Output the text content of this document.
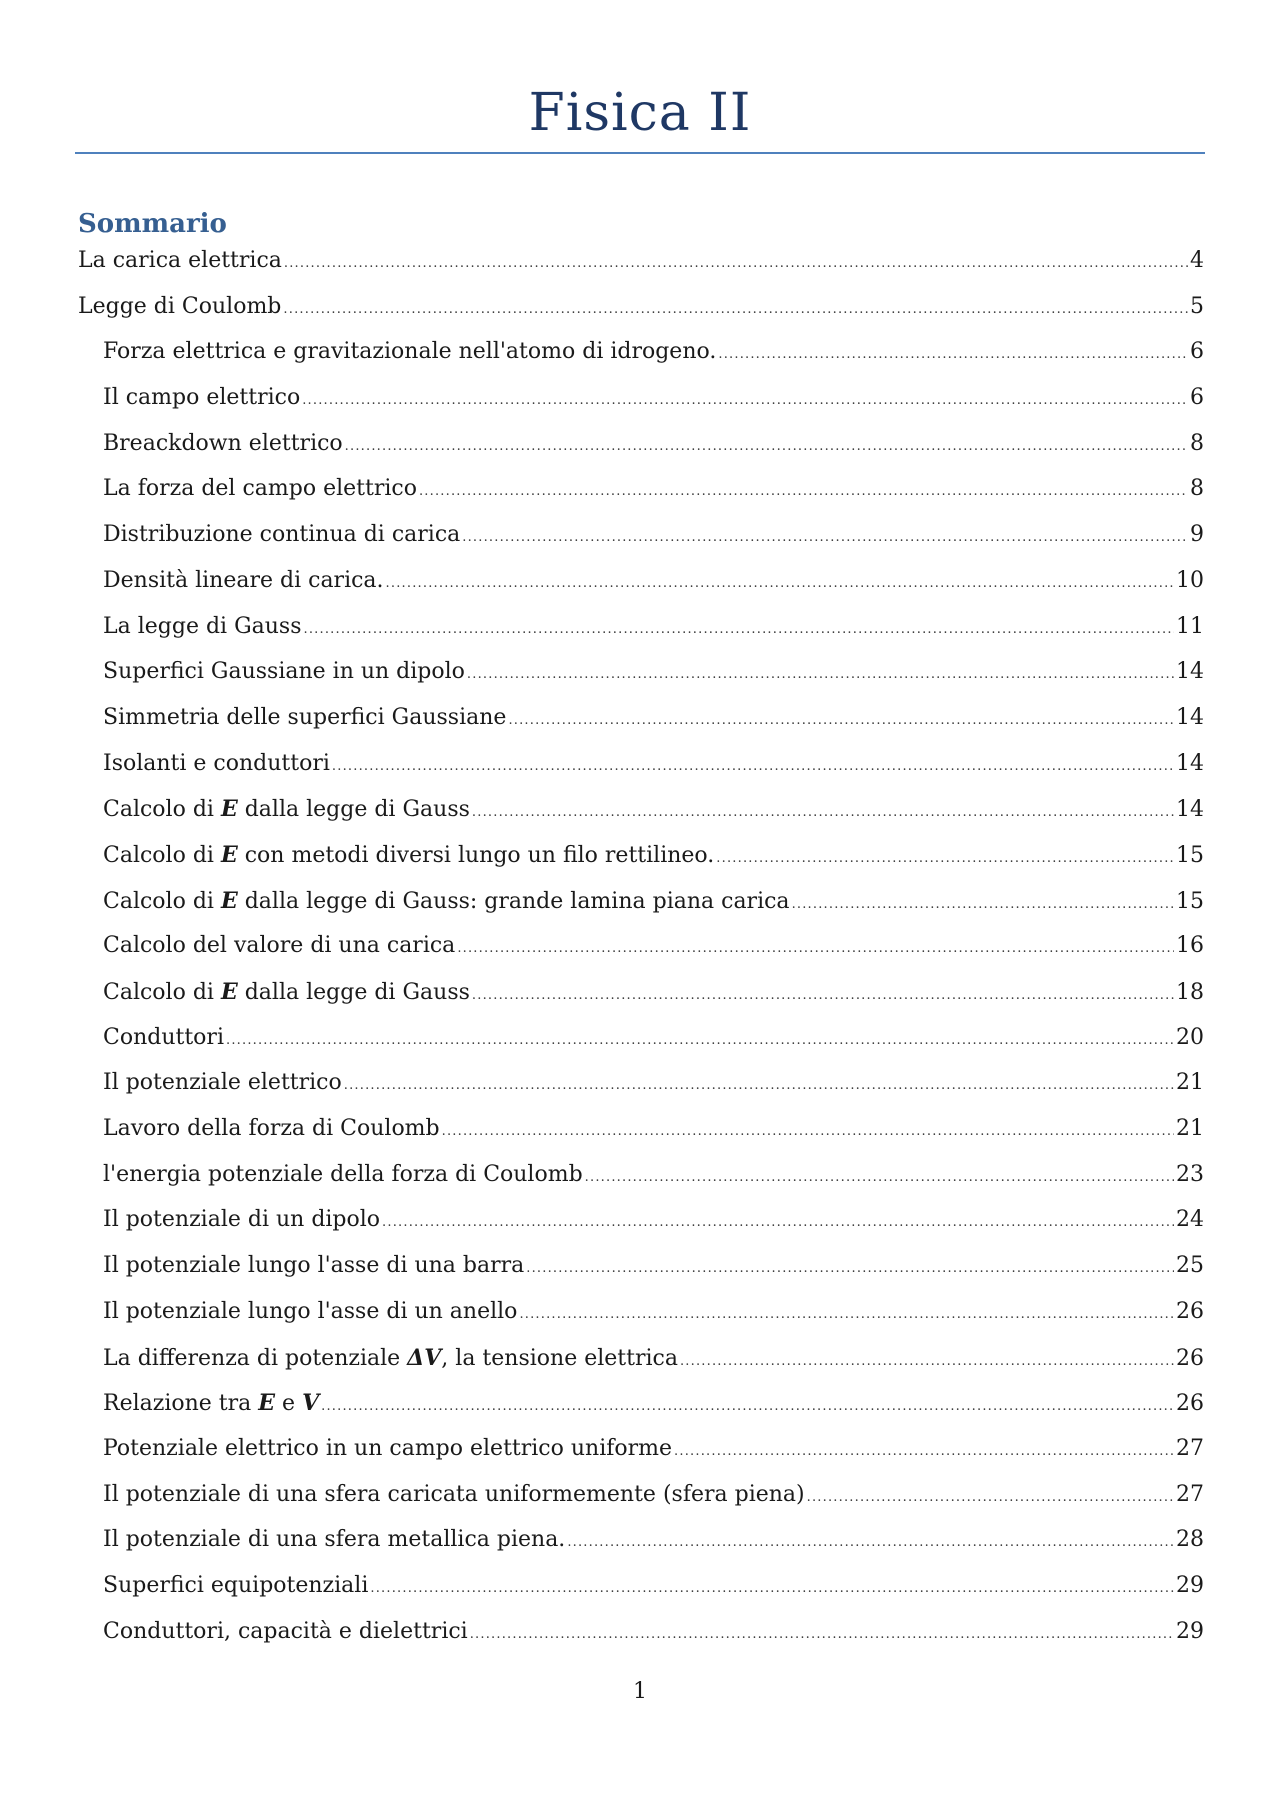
Fisica II
Sommario
La carica elettrica .....	4
Legge di Coulomb .....	5
Forza elettrica e gravitazionale nell'atomo di idrogeno. .....	6
Il campo elettrico .....	6
Breackdown elettrico .....	8
La forza del campo elettrico .....	8
Distribuzione continua di carica .....	9
Densità lineare di carica. .....	10
La legge di Gauss .....	11
Superfici Gaussiane in un dipolo .....	14
Simmetria delle superfici Gaussiane .....	14
Isolanti e conduttori .....	14
Calcolo di E dalla legge di Gauss .....	14
Calcolo di E con metodi diversi lungo un filo rettilineo. .....	15
Calcolo di E dalla legge di Gauss: grande lamina piana carica .....	15
Calcolo del valore di una carica .....	16
Calcolo di E dalla legge di Gauss .....	18
Conduttori .....	20
Il potenziale elettrico .....	21
Lavoro della forza di Coulomb .....	21
l'energia potenziale della forza di Coulomb .....	23
Il potenziale di un dipolo .....	24
Il potenziale lungo l'asse di una barra .....	25
Il potenziale lungo l'asse di un anello .....	26
La differenza di potenziale ΔV, la tensione elettrica .....	26
Relazione tra E e V .....	26
Potenziale elettrico in un campo elettrico uniforme .....	27
Il potenziale di una sfera caricata uniformemente (sfera piena) .....	27
Il potenziale di una sfera metallica piena. .....	28
Superfici equipotenziali .....	29
Conduttori, capacità e dielettrici .....	29
1
